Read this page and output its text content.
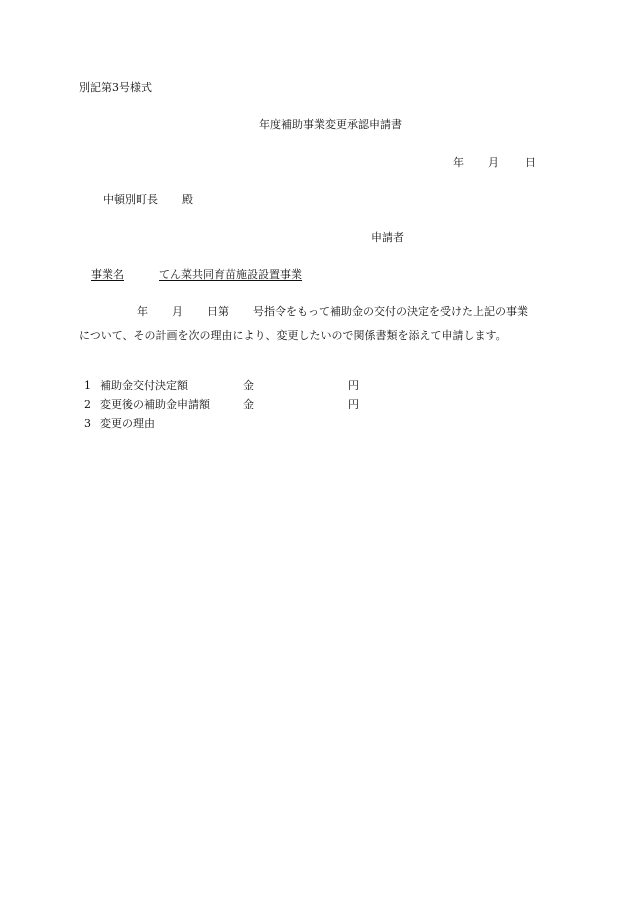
別記第3号様式
年度補助事業変更承認申請書
年 月 日
中頓別町長 殿
申請者
事業名	てん菜共同育苗施設設置事業
年 月 日第 号指令をもって補助金の交付の決定を受けた上記の事業
について、その計画を次の理由により、変更したいので関係書類を添えて申請します。
1 補助金交付決定額	金	円
2 変更後の補助金申請額	金	円
3 変更の理由
